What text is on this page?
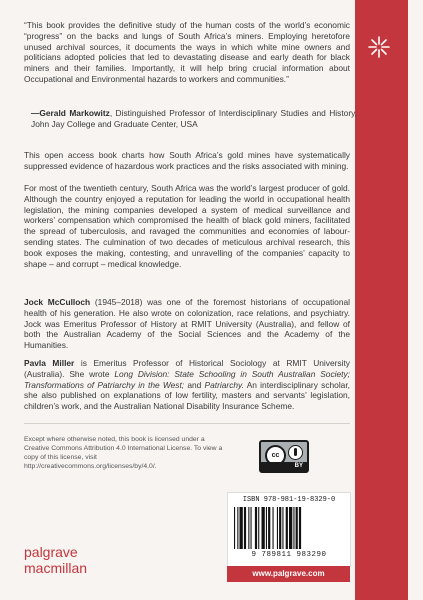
“This book provides the definitive study of the human costs of the world’s economic “progress” on the backs and lungs of South Africa’s miners. Employing heretofore unused archival sources, it documents the ways in which white mine owners and politicians adopted policies that led to devastating disease and early death for black miners and their families. Importantly, it will help bring crucial information about Occupational and Environmental hazards to workers and communities.”
—Gerald Markowitz, Distinguished Professor of Interdisciplinary Studies and History, John Jay College and Graduate Center, USA
This open access book charts how South Africa’s gold mines have systematically suppressed evidence of hazardous work practices and the risks associated with mining.
For most of the twentieth century, South Africa was the world’s largest producer of gold. Although the country enjoyed a reputation for leading the world in occupational health legislation, the mining companies developed a system of medical surveillance and workers’ compensation which compromised the health of black gold miners, facilitated the spread of tuberculosis, and ravaged the communities and economies of labour-sending states. The culmination of two decades of meticulous archival research, this book exposes the making, contesting, and unravelling of the companies’ capacity to shape – and corrupt – medical knowledge.
Jock McCulloch (1945–2018) was one of the foremost historians of occupational health of his generation. He also wrote on colonization, race relations, and psychiatry. Jock was Emeritus Professor of History at RMIT University (Australia), and fellow of both the Australian Academy of the Social Sciences and the Academy of the Humanities.
Pavla Miller is Emeritus Professor of Historical Sociology at RMIT University (Australia). She wrote Long Division: State Schooling in South Australian Society; Transformations of Patriarchy in the West; and Patriarchy. An interdisciplinary scholar, she also published on explanations of low fertility, masters and servants’ legislation, children’s work, and the Australian National Disability Insurance Scheme.
Except where otherwise noted, this book is licensed under a Creative Commons Attribution 4.0 International License. To view a copy of this license, visit http://creativecommons.org/licenses/by/4.0/.
cc
BY
ISBN 978-981-19-8329-0
9 789811 983290
www.palgrave.com
palgrave
macmillan
